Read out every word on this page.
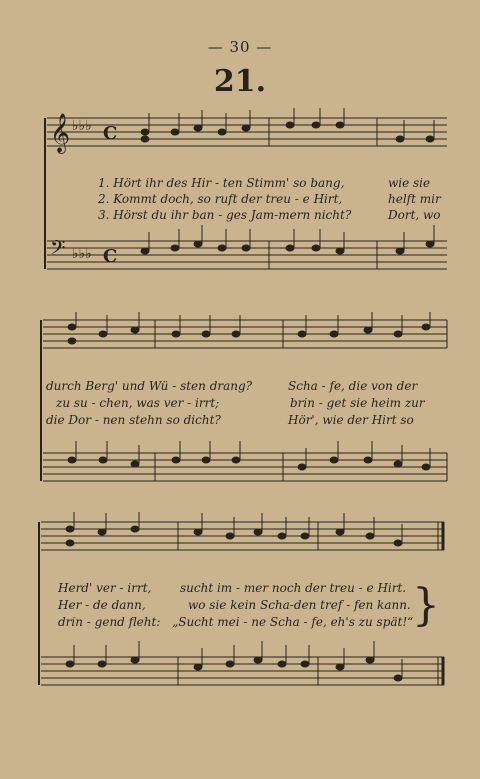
— 30 —
21.
𝄞 ♭♭♭ C
𝄢 ♭♭♭ C
1. Hört ihr des Hir - ten Stimm' so bang,	wie sie
2. Kommt doch, so ruft der treu - e Hirt,	helft mir
3. Hörst du ihr ban - ges Jam-mern nicht?	Dort, wo
durch Berg' und Wü - sten drang?	Scha - fe, die von der
zu su - chen, was ver - irrt;	brin - get sie heim zur
die Dor - nen stehn so dicht?	Hör', wie der Hirt so
Herd' ver - irrt, sucht im - mer noch der treu - e Hirt.
Her - de dann,	wo sie kein Scha-den tref - fen kann.
drin - gend fleht: „Sucht mei - ne Scha - fe, eh's zu spät!“
}
